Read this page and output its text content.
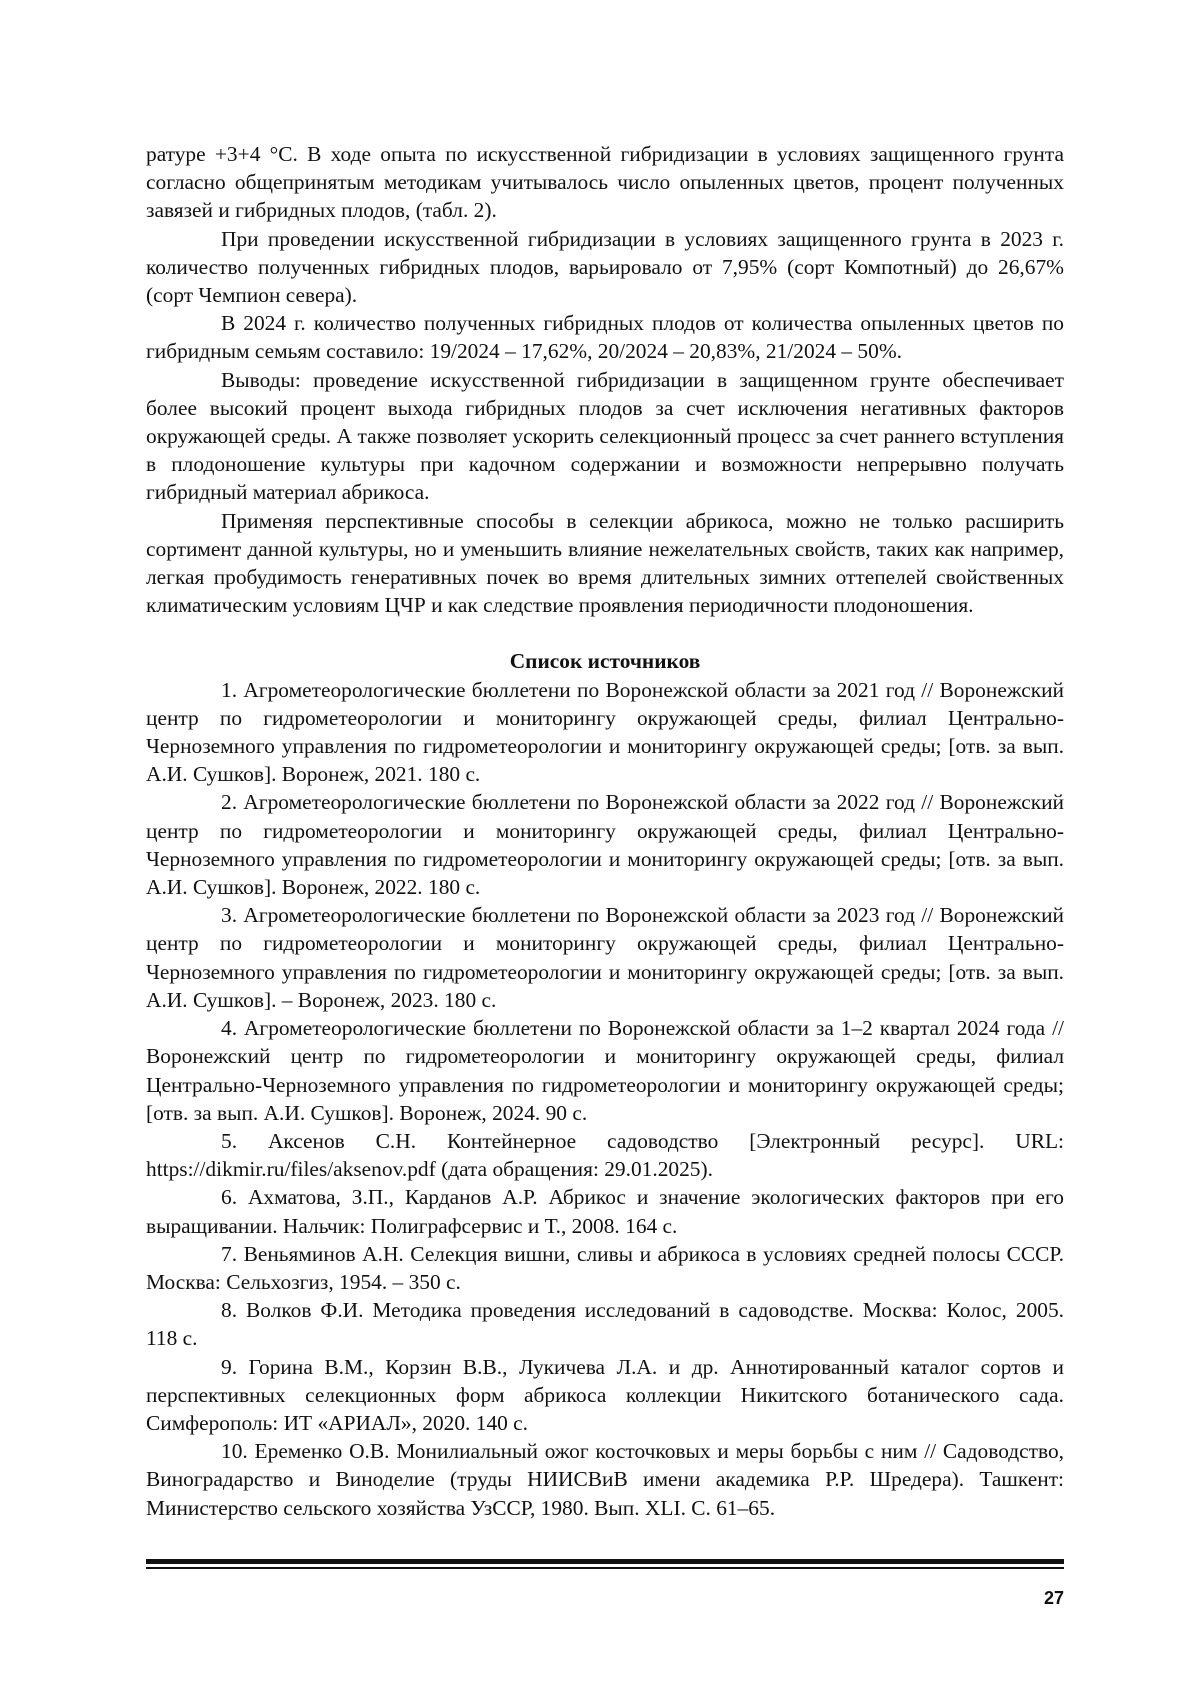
ратуре +3+4 °С. В ходе опыта по искусственной гибридизации в условиях защищенного грунта согласно общепринятым методикам учитывалось число опыленных цветов, процент полученных завязей и гибридных плодов, (табл. 2).

При проведении искусственной гибридизации в условиях защищенного грунта в 2023 г. количество полученных гибридных плодов, варьировало от 7,95% (сорт Компотный) до 26,67% (сорт Чемпион севера).

В 2024 г. количество полученных гибридных плодов от количества опыленных цветов по гибридным семьям составило: 19/2024 – 17,62%, 20/2024 – 20,83%, 21/2024 – 50%.

Выводы: проведение искусственной гибридизации в защищенном грунте обеспечивает более высокий процент выхода гибридных плодов за счет исключения негативных факторов окружающей среды. А также позволяет ускорить селекционный процесс за счет раннего вступления в плодоношение культуры при кадочном содержании и возможности непрерывно получать гибридный материал абрикоса.

Применяя перспективные способы в селекции абрикоса, можно не только расширить сортимент данной культуры, но и уменьшить влияние нежелательных свойств, таких как например, легкая пробудимость генеративных почек во время длительных зимних оттепелей свойственных климатическим условиям ЦЧР и как следствие проявления периодичности плодоношения.

Список источников

1. Агрометеорологические бюллетени по Воронежской области за 2021 год // Воронежский центр по гидрометеорологии и мониторингу окружающей среды, филиал Центрально-Черноземного управления по гидрометеорологии и мониторингу окружающей среды; [отв. за вып. А.И. Сушков]. Воронеж, 2021. 180 с.

2. Агрометеорологические бюллетени по Воронежской области за 2022 год // Воронежский центр по гидрометеорологии и мониторингу окружающей среды, филиал Центрально-Черноземного управления по гидрометеорологии и мониторингу окружающей среды; [отв. за вып. А.И. Сушков]. Воронеж, 2022. 180 с.

3. Агрометеорологические бюллетени по Воронежской области за 2023 год // Воронежский центр по гидрометеорологии и мониторингу окружающей среды, филиал Центрально-Черноземного управления по гидрометеорологии и мониторингу окружающей среды; [отв. за вып. А.И. Сушков]. – Воронеж, 2023. 180 с.

4. Агрометеорологические бюллетени по Воронежской области за 1–2 квартал 2024 года // Воронежский центр по гидрометеорологии и мониторингу окружающей среды, филиал Центрально-Черноземного управления по гидрометеорологии и мониторингу окружающей среды; [отв. за вып. А.И. Сушков]. Воронеж, 2024. 90 с.

5. Аксенов С.Н. Контейнерное садоводство [Электронный ресурс]. URL: https://dikmir.ru/files/aksenov.pdf (дата обращения: 29.01.2025).

6. Ахматова, З.П., Карданов А.Р. Абрикос и значение экологических факторов при его выращивании. Нальчик: Полиграфсервис и Т., 2008. 164 с.

7. Веньяминов А.Н. Селекция вишни, сливы и абрикоса в условиях средней полосы СССР. Москва: Сельхозгиз, 1954. – 350 с.

8. Волков Ф.И. Методика проведения исследований в садоводстве. Москва: Колос, 2005. 118 с.

9. Горина В.М., Корзин В.В., Лукичева Л.А. и др. Аннотированный каталог сортов и перспективных селекционных форм абрикоса коллекции Никитского ботанического сада. Симферополь: ИТ «АРИАЛ», 2020. 140 с.

10. Еременко О.В. Монилиальный ожог косточковых и меры борьбы с ним // Садоводство, Виноградарство и Виноделие (труды НИИСВиВ имени академика Р.Р. Шредера). Ташкент: Министерство сельского хозяйства УзССР, 1980. Вып. XLI. С. 61–65.

27
